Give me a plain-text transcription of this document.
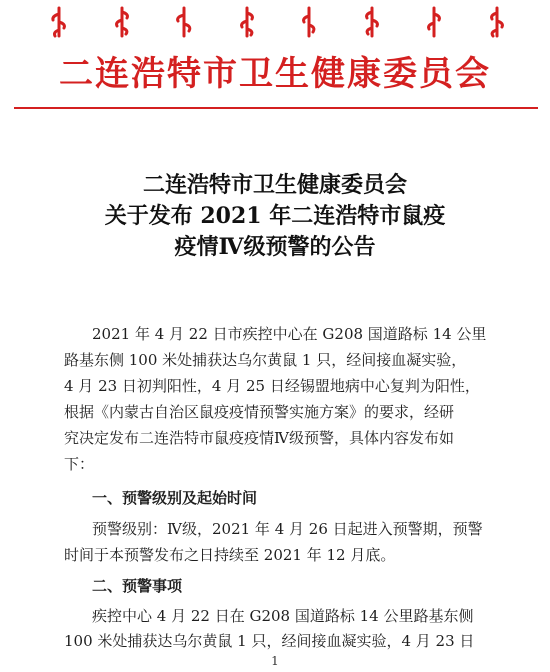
二连浩特市卫生健康委员会
二连浩特市卫生健康委员会
关于发布 2021 年二连浩特市鼠疫
疫情Ⅳ级预警的公告
2021 年 4 月 22 日市疾控中心在 G208 国道路标 14 公里
路基东侧 100 米处捕获达乌尔黄鼠 1 只，经间接血凝实验，
4 月 23 日初判阳性，4 月 25 日经锡盟地病中心复判为阳性，
根据《内蒙古自治区鼠疫疫情预警实施方案》的要求，经研
究决定发布二连浩特市鼠疫疫情Ⅳ级预警，具体内容发布如
下：
一、预警级别及起始时间
预警级别：Ⅳ级，2021 年 4 月 26 日起进入预警期，预警
时间于本预警发布之日持续至 2021 年 12 月底。
二、预警事项
疾控中心 4 月 22 日在 G208 国道路标 14 公里路基东侧
100 米处捕获达乌尔黄鼠 1 只，经间接血凝实验，4 月 23 日
1
